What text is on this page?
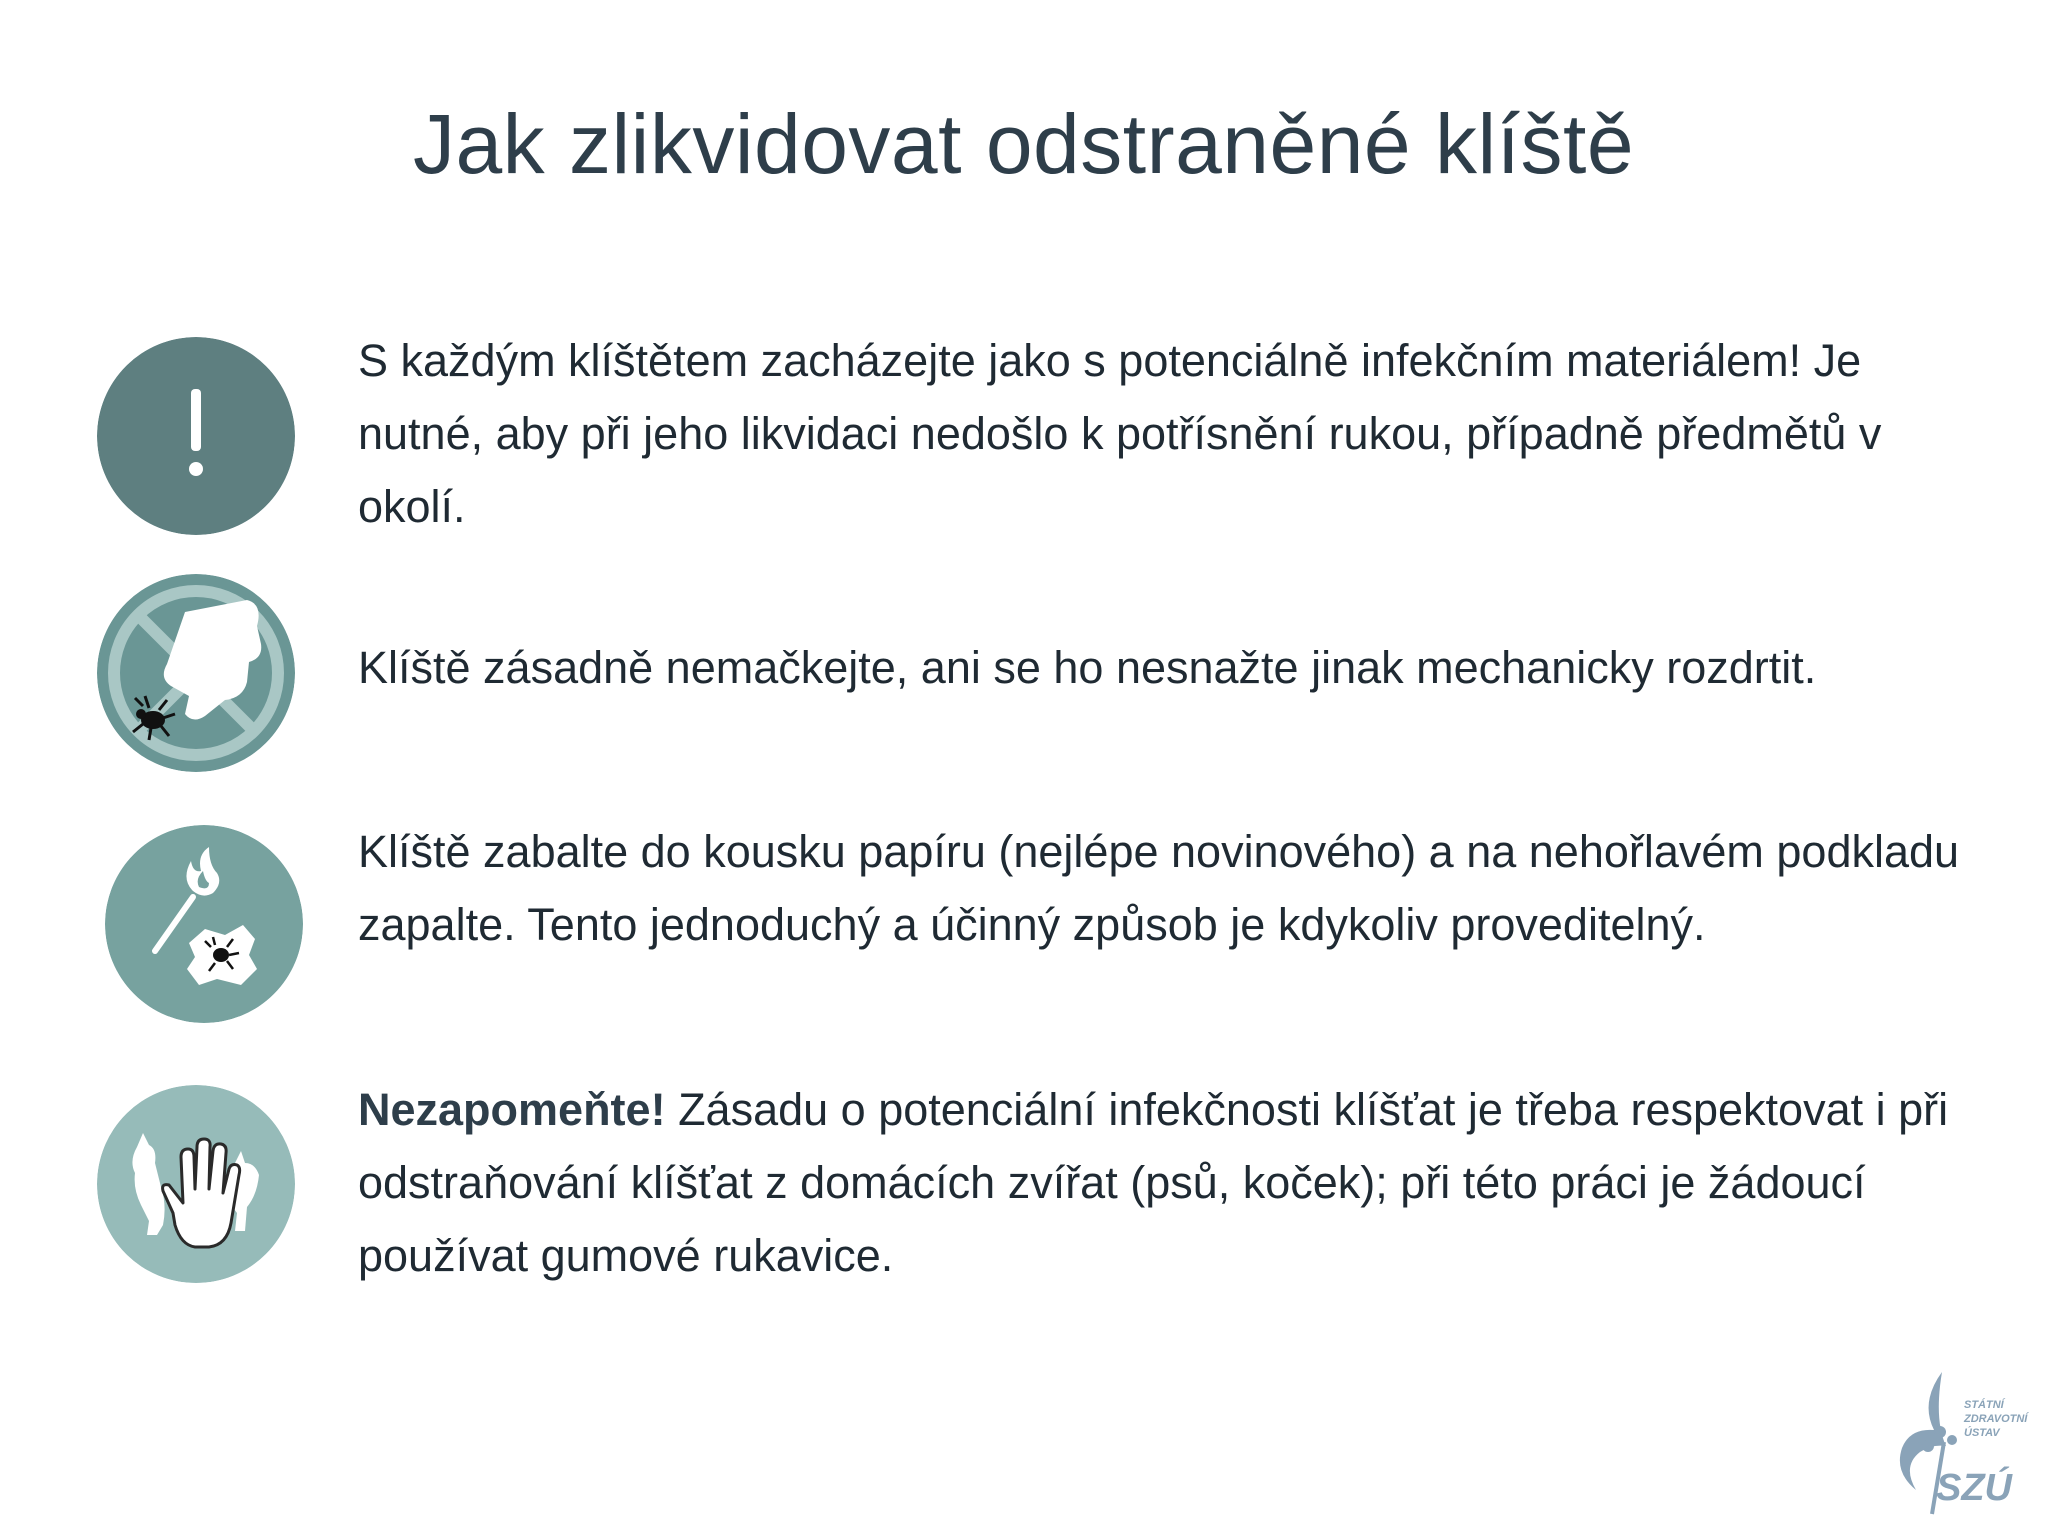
Jak zlikvidovat odstraněné klíště
S každým klíštětem zacházejte jako s potenciálně infekčním materiálem! Je nutné, aby při jeho likvidaci nedošlo k potřísnění rukou, případně předmětů v okolí.
Klíště zásadně nemačkejte, ani se ho nesnažte jinak mechanicky rozdrtit.
Klíště zabalte do kousku papíru (nejlépe novinového) a na nehořlavém podkladu zapalte. Tento jednoduchý a účinný způsob je kdykoliv proveditelný.
Nezapomeňte! Zásadu o potenciální infekčnosti klíšťat je třeba respektovat i při odstraňování klíšťat z domácích zvířat (psů, koček); při této práci je žádoucí používat gumové rukavice.
STÁTNÍ
ZDRAVOTNÍ
ÚSTAV
SZÚ
